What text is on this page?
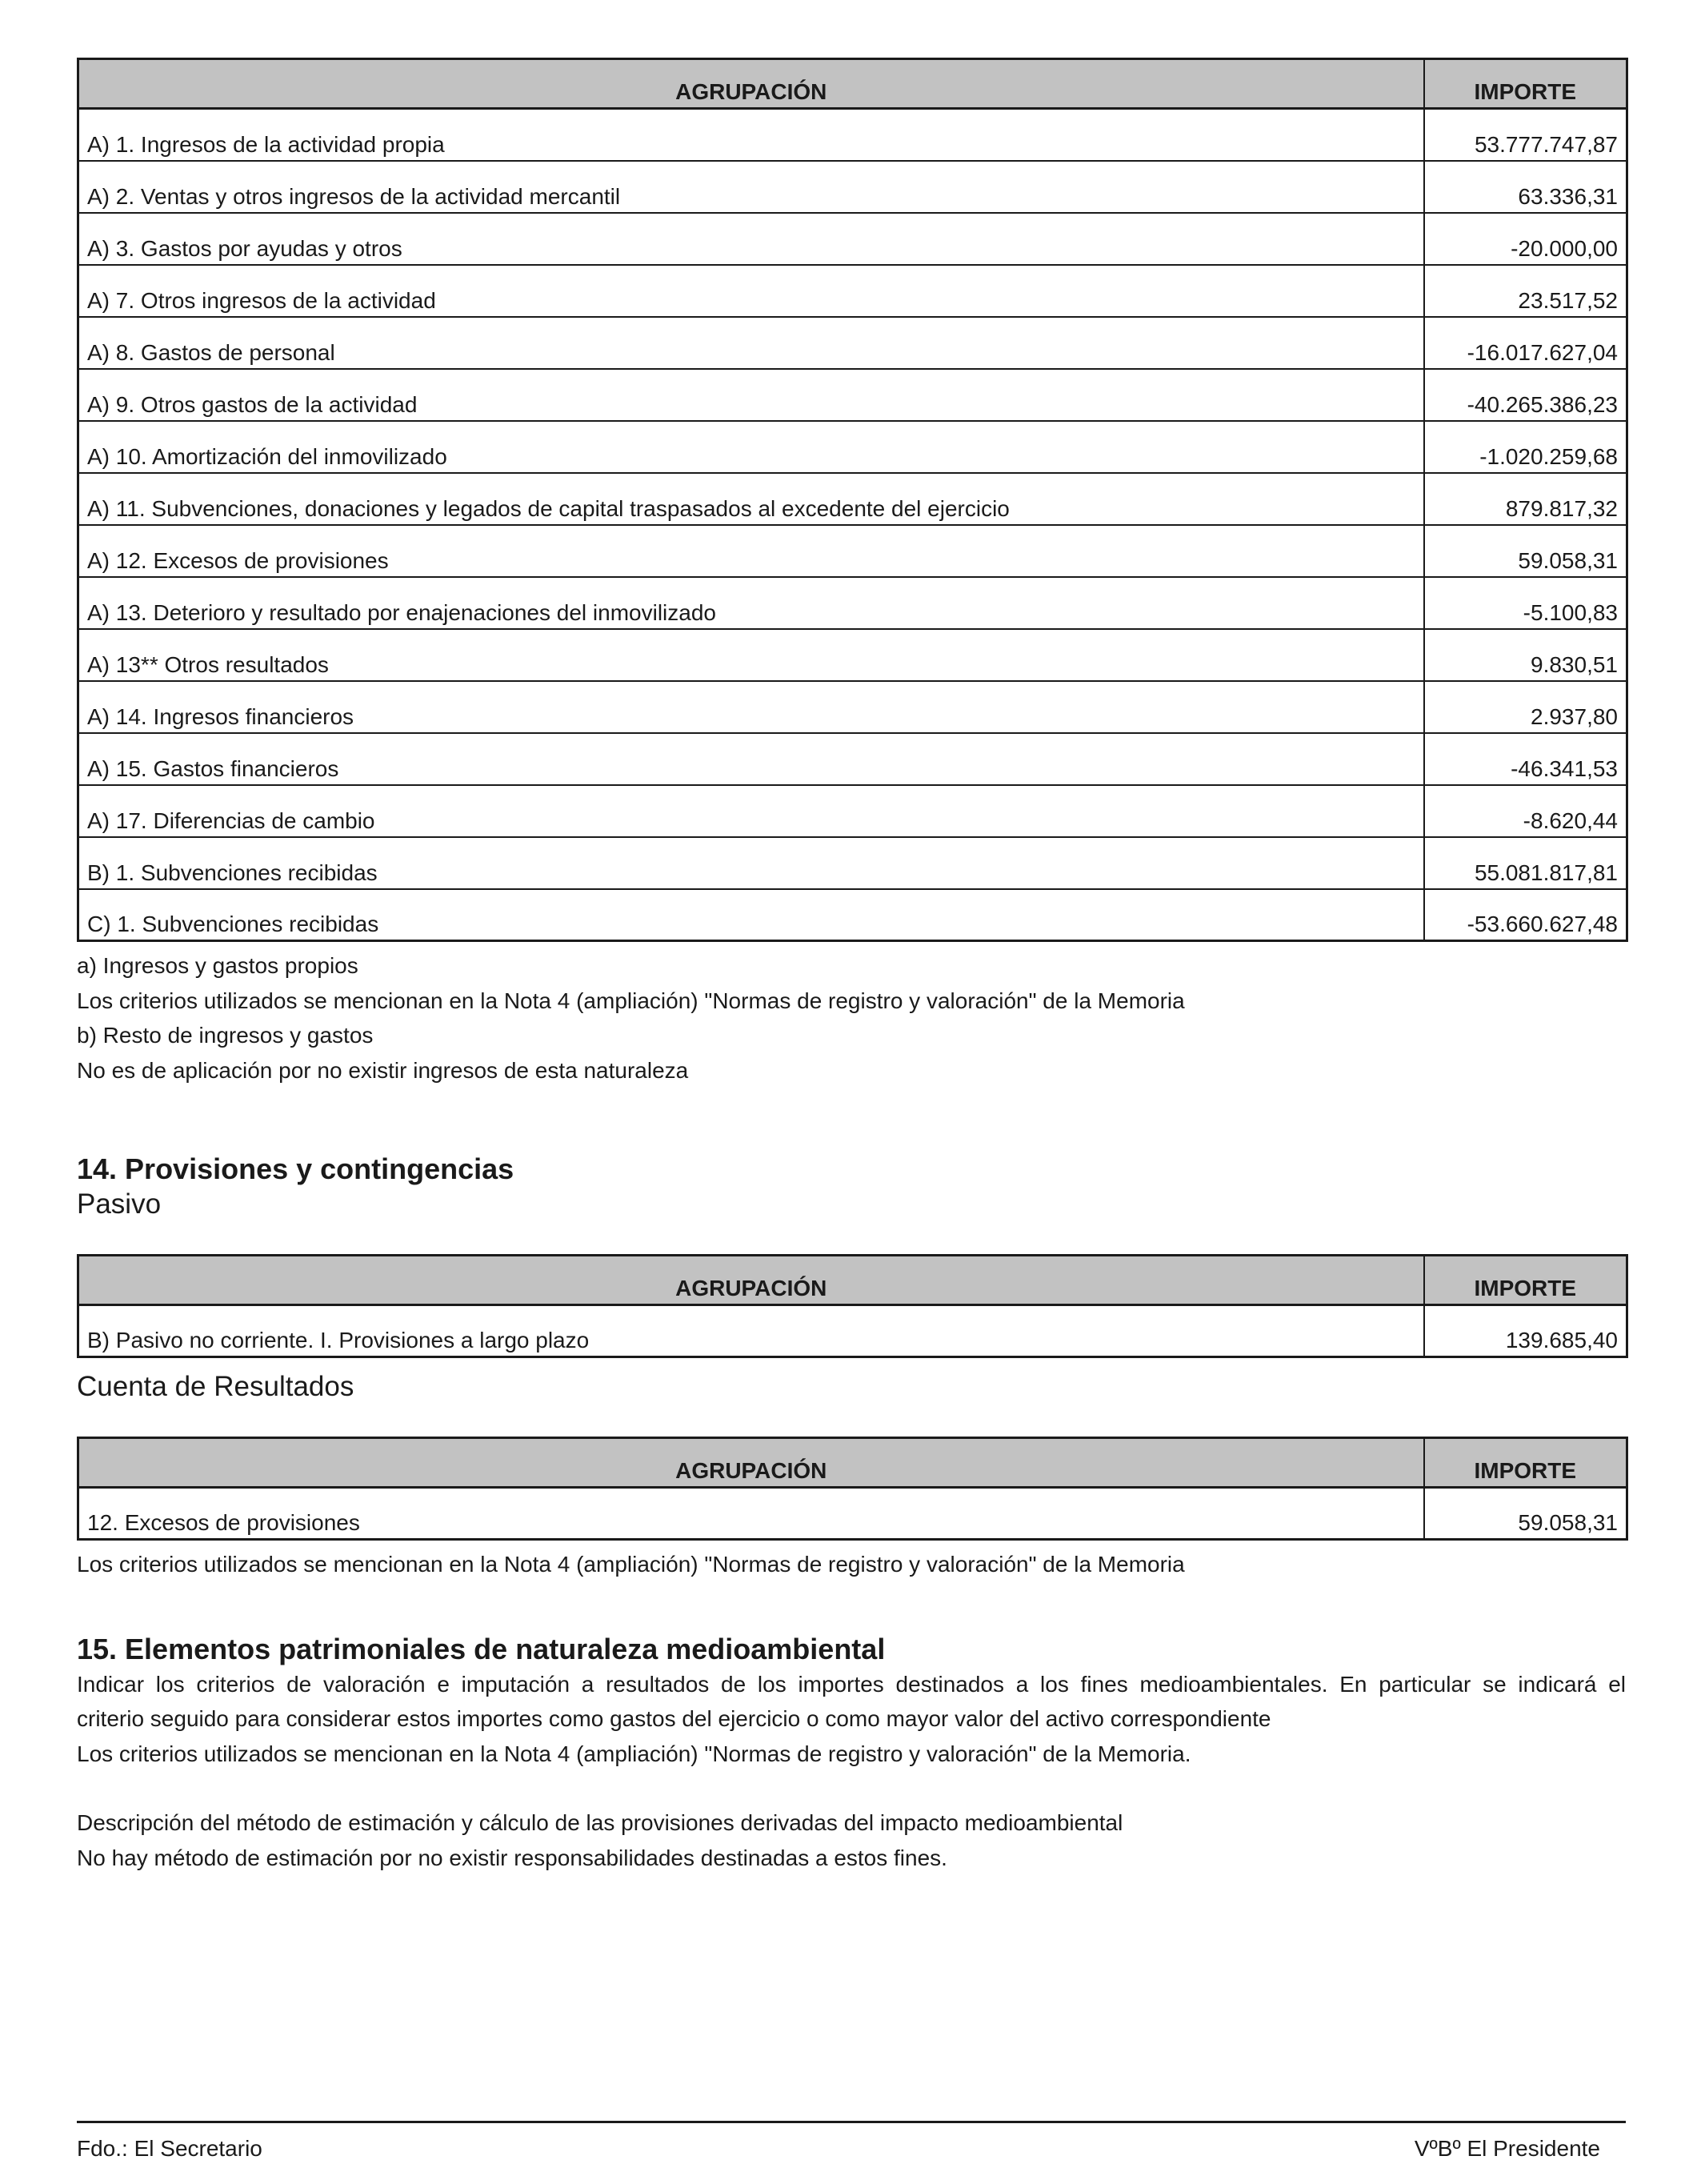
AGRUPACIÓN	IMPORTE
A) 1. Ingresos de la actividad propia	53.777.747,87
A) 2. Ventas y otros ingresos de la actividad mercantil	63.336,31
A) 3. Gastos por ayudas y otros	-20.000,00
A) 7. Otros ingresos de la actividad	23.517,52
A) 8. Gastos de personal	-16.017.627,04
A) 9. Otros gastos de la actividad	-40.265.386,23
A) 10. Amortización del inmovilizado	-1.020.259,68
A) 11. Subvenciones, donaciones y legados de capital traspasados al excedente del ejercicio	879.817,32
A) 12. Excesos de provisiones	59.058,31
A) 13. Deterioro y resultado por enajenaciones del inmovilizado	-5.100,83
A) 13** Otros resultados	9.830,51
A) 14. Ingresos financieros	2.937,80
A) 15. Gastos financieros	-46.341,53
A) 17. Diferencias de cambio	-8.620,44
B) 1. Subvenciones recibidas	55.081.817,81
C) 1. Subvenciones recibidas	-53.660.627,48

a) Ingresos y gastos propios

Los criterios utilizados se mencionan en la Nota 4 (ampliación) "Normas de registro y valoración" de la Memoria

b) Resto de ingresos y gastos

No es de aplicación por no existir ingresos de esta naturaleza

14. Provisiones y contingencias

Pasivo

AGRUPACIÓN	IMPORTE
B) Pasivo no corriente. I. Provisiones a largo plazo	139.685,40

Cuenta de Resultados

AGRUPACIÓN	IMPORTE
12. Excesos de provisiones	59.058,31

Los criterios utilizados se mencionan en la Nota 4 (ampliación) "Normas de registro y valoración" de la Memoria

15. Elementos patrimoniales de naturaleza medioambiental

Indicar los criterios de valoración e imputación a resultados de los importes destinados a los fines medioambientales. En particular se indicará el

criterio seguido para considerar estos importes como gastos del ejercicio o como mayor valor del activo correspondiente

Los criterios utilizados se mencionan en la Nota 4 (ampliación) "Normas de registro y valoración" de la Memoria.

Descripción del método de estimación y cálculo de las provisiones derivadas del impacto medioambiental

No hay método de estimación por no existir responsabilidades destinadas a estos fines.

Fdo.: El Secretario	VºBº El Presidente
